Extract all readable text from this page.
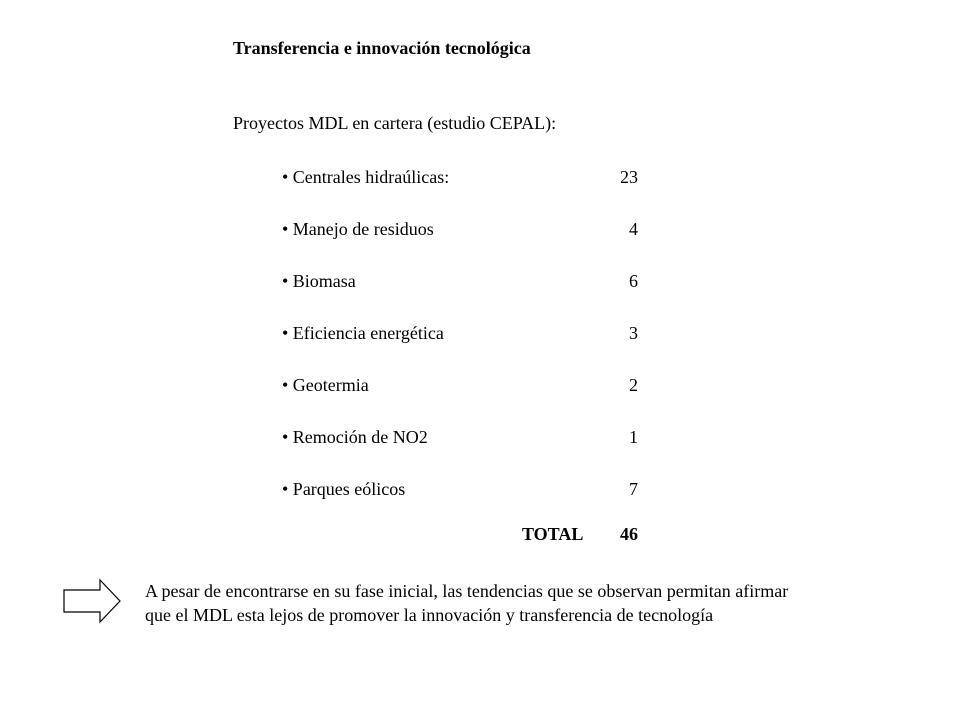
Transferencia e innovación tecnológica
Proyectos MDL en cartera (estudio CEPAL):
• Centrales hidraúlicas:	23
• Manejo de residuos	4
• Biomasa	6
• Eficiencia energética	3
• Geotermia	2
• Remoción de NO2	1
• Parques eólicos	7
TOTAL	46
A pesar de encontrarse en su fase inicial, las tendencias que se observan permitan afirmar
que el MDL esta lejos de promover la innovación y transferencia de tecnología
